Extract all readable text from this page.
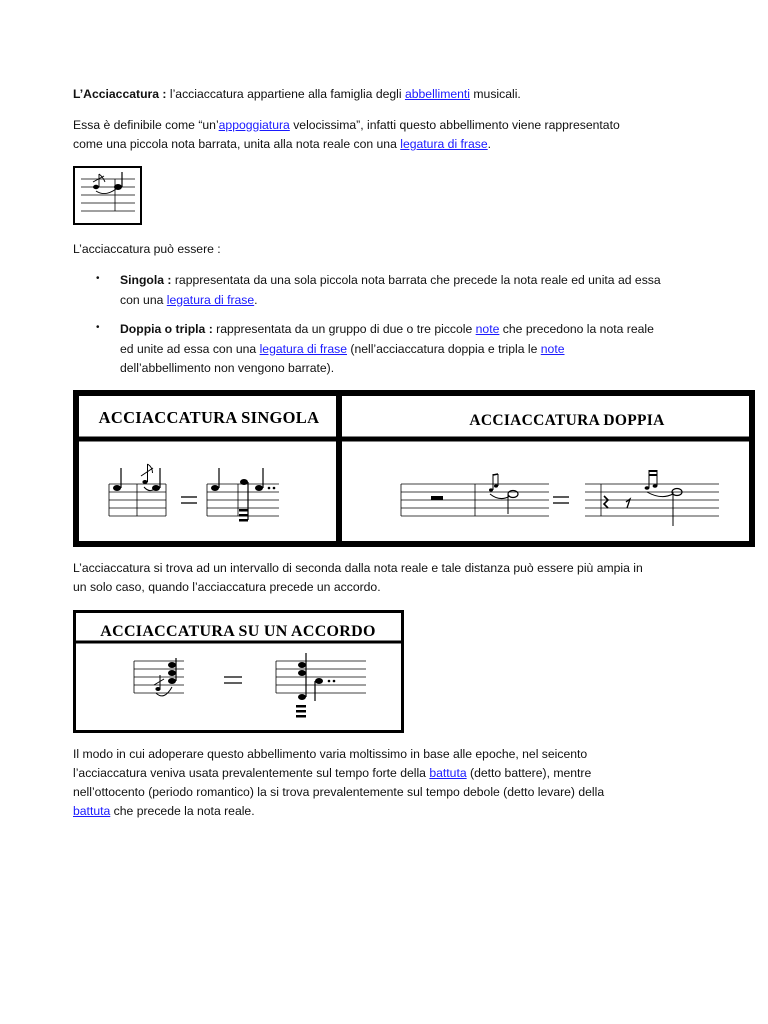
L’Acciaccatura : l’acciaccatura appartiene alla famiglia degli abbellimenti musicali.
Essa è definibile come “un’appoggiatura velocissima”, infatti questo abbellimento viene rappresentato
come una piccola nota barrata, unita alla nota reale con una legatura di frase.
L’acciaccatura può essere :
• Singola : rappresentata da una sola piccola nota barrata che precede la nota reale ed unita ad essa
con una legatura di frase.
• Doppia o tripla : rappresentata da un gruppo di due o tre piccole note che precedono la nota reale
ed unite ad essa con una legatura di frase (nell’acciaccatura doppia e tripla le note
dell’abbellimento non vengono barrate).
ACCIACCATURA SINGOLA	ACCIACCATURA DOPPIA
L’acciaccatura si trova ad un intervallo di seconda dalla nota reale e tale distanza può essere più ampia in
un solo caso, quando l’acciaccatura precede un accordo.
ACCIACCATURA SU UN ACCORDO
Il modo in cui adoperare questo abbellimento varia moltissimo in base alle epoche, nel seicento
l’acciaccatura veniva usata prevalentemente sul tempo forte della battuta (detto battere), mentre
nell’ottocento (periodo romantico) la si trova prevalentemente sul tempo debole (detto levare) della
battuta che precede la nota reale.
